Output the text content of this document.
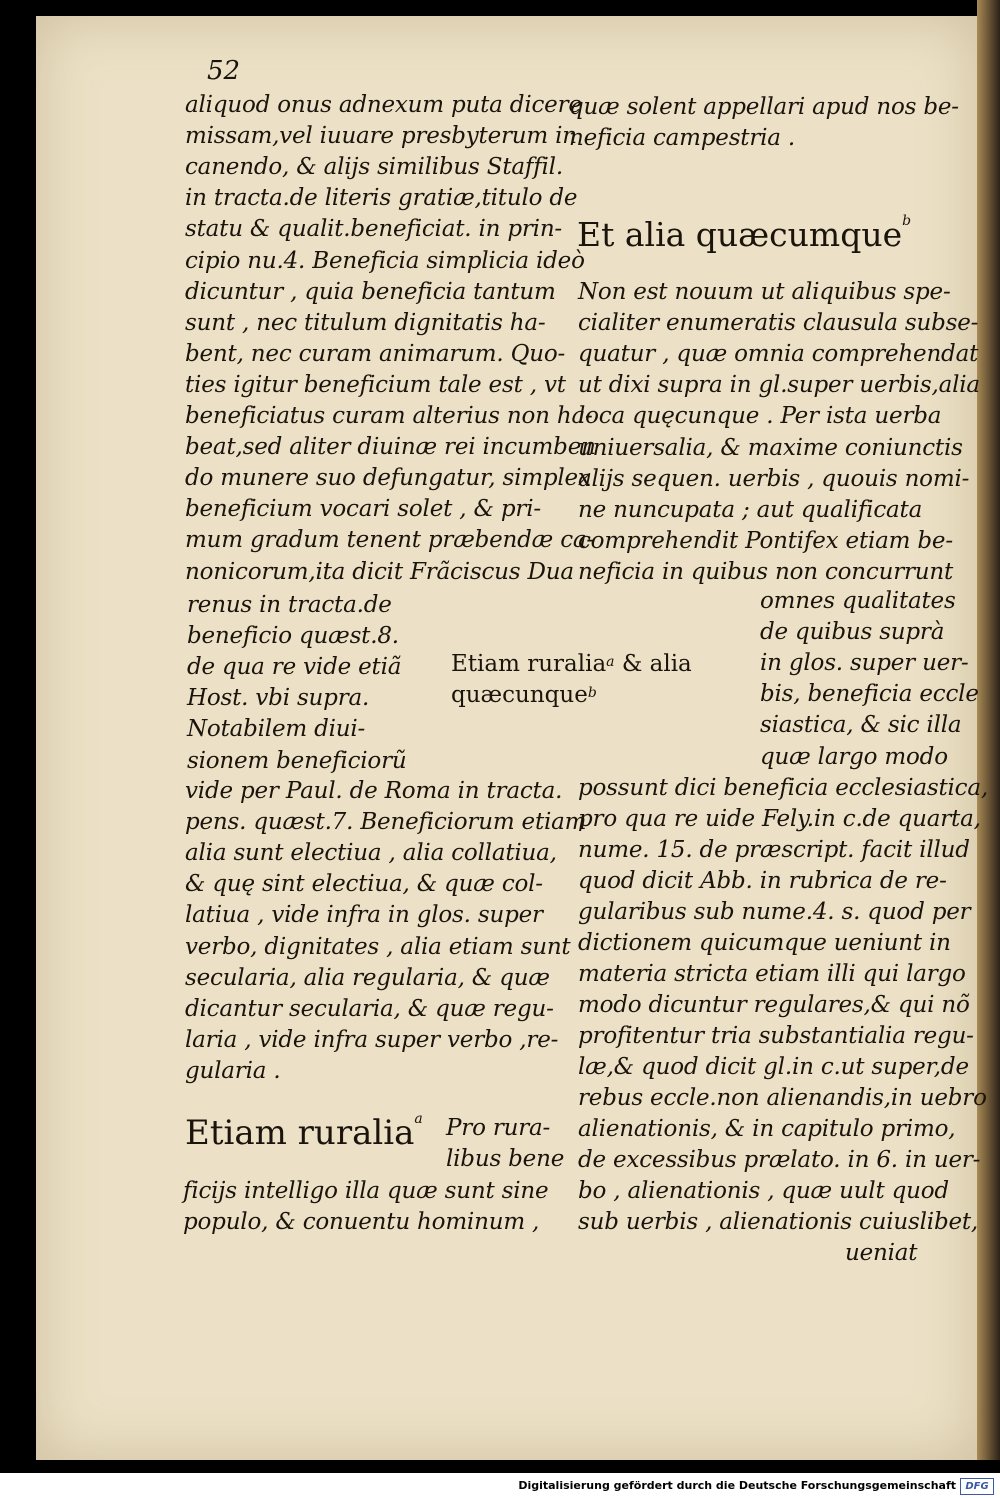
52
aliquod onus adnexum puta dicere
missam,vel iuuare presbyterum in
canendo, & alijs similibus Staffil.
in tracta.de literis gratiæ,titulo de
statu & qualit.beneficiat. in prin-
cipio nu.4. Beneficia simplicia ideò
dicuntur , quia beneficia tantum
sunt , nec titulum dignitatis ha-
bent, nec curam animarum. Quo-
ties igitur beneficium tale est , vt
beneficiatus curam alterius non ha-
beat,sed aliter diuinæ rei incumben
do munere suo defungatur, simplex
beneficium vocari solet , & pri-
mum gradum tenent præbendæ ca-
nonicorum,ita dicit Frãciscus Dua
renus in tracta.de
beneficio quæst.8.
de qua re vide etiã
Host. vbi supra.
Notabilem diui-
sionem beneficiorũ
vide per Paul. de Roma in tracta.
pens. quæst.7. Beneficiorum etiam
alia sunt electiua , alia collatiua,
& quę sint electiua, & quæ col-
latiua , vide infra in glos. super
verbo, dignitates , alia etiam sunt
secularia, alia regularia, & quæ
dicantur secularia, & quæ regu-
laria , vide infra super verbo ,re-
gularia .
Etiam ruralia$^a$ Pro rura-
libus bene
ficijs intelligo illa quæ sunt sine
populo, & conuentu hominum ,
quæ solent appellari apud nos be-
neficia campestria .
Et alia quæcumque$^b$
Non est nouum ut aliquibus spe-
cialiter enumeratis clausula subse-
quatur , quæ omnia comprehendat
ut dixi supra in gl.super uerbis,alia
loca quęcunque . Per ista uerba
uniuersalia, & maxime coniunctis
alijs sequen. uerbis , quouis nomi-
ne nuncupata ; aut qualificata
comprehendit Pontifex etiam be-
neficia in quibus non concurrunt
omnes qualitates
de quibus suprà
in glos. super uer-
bis, beneficia eccle
siastica, & sic illa
quæ largo modo
possunt dici beneficia ecclesiastica,
pro qua re uide Fely.in c.de quarta,
nume. 15. de præscript. facit illud
quod dicit Abb. in rubrica de re-
gularibus sub nume.4. s. quod per
dictionem quicumque ueniunt in
materia stricta etiam illi qui largo
modo dicuntur regulares,& qui nõ
profitentur tria substantialia regu-
læ,& quod dicit gl.in c.ut super,de
rebus eccle.non alienandis,in uebro
alienationis, & in capitulo primo,
de excessibus prælato. in 6. in uer-
bo , alienationis , quæ uult quod
sub uerbis , alienationis cuiuslibet,
ueniat
Etiam ruralia$^a$ & alia
quæcunque$^b$
Digitalisierung gefördert durch die Deutsche Forschungsgemeinschaft DFG
